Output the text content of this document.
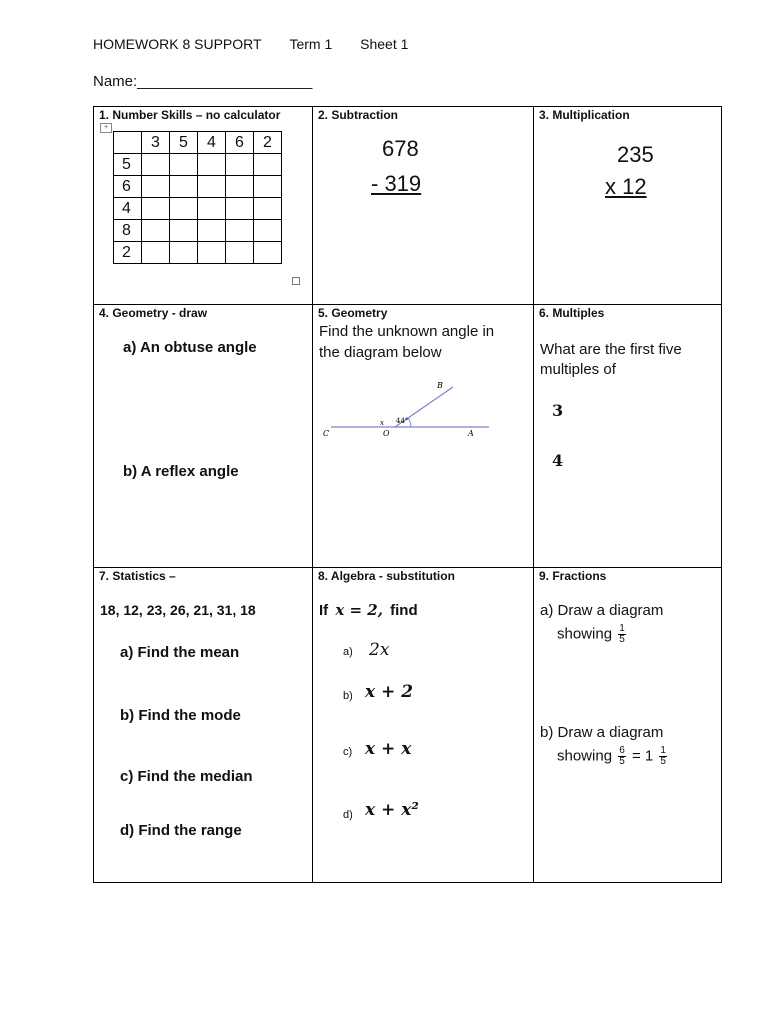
HOMEWORK 8 SUPPORT Term 1 Sheet 1
Name:_____________________
1. Number Skills – no calculator
+
	3	5	4	6	2
5					
6					
4					
8					
2					
2. Subtraction
678
- 319
3. Multiplication
235
x 12
4. Geometry - draw
a) An obtuse angle
b) A reflex angle
5. Geometry
Find the unknown angle in
the diagram below
B
C	O	A
x 44°
6. Multiples
What are the first five
multiples of
3
4
7. Statistics –
18, 12, 23, 26, 21, 31, 18
a) Find the mean
b) Find the mode
c) Find the median
d) Find the range
8. Algebra - substitution
If x = 2, find
a) 2x
b) x + 2
c) x + x
d) x + x²
9. Fractions
a) Draw a diagram
showing $\frac{1}{5}$
b) Draw a diagram
showing $\frac{6}{5} = 1 \frac{1}{5}$
